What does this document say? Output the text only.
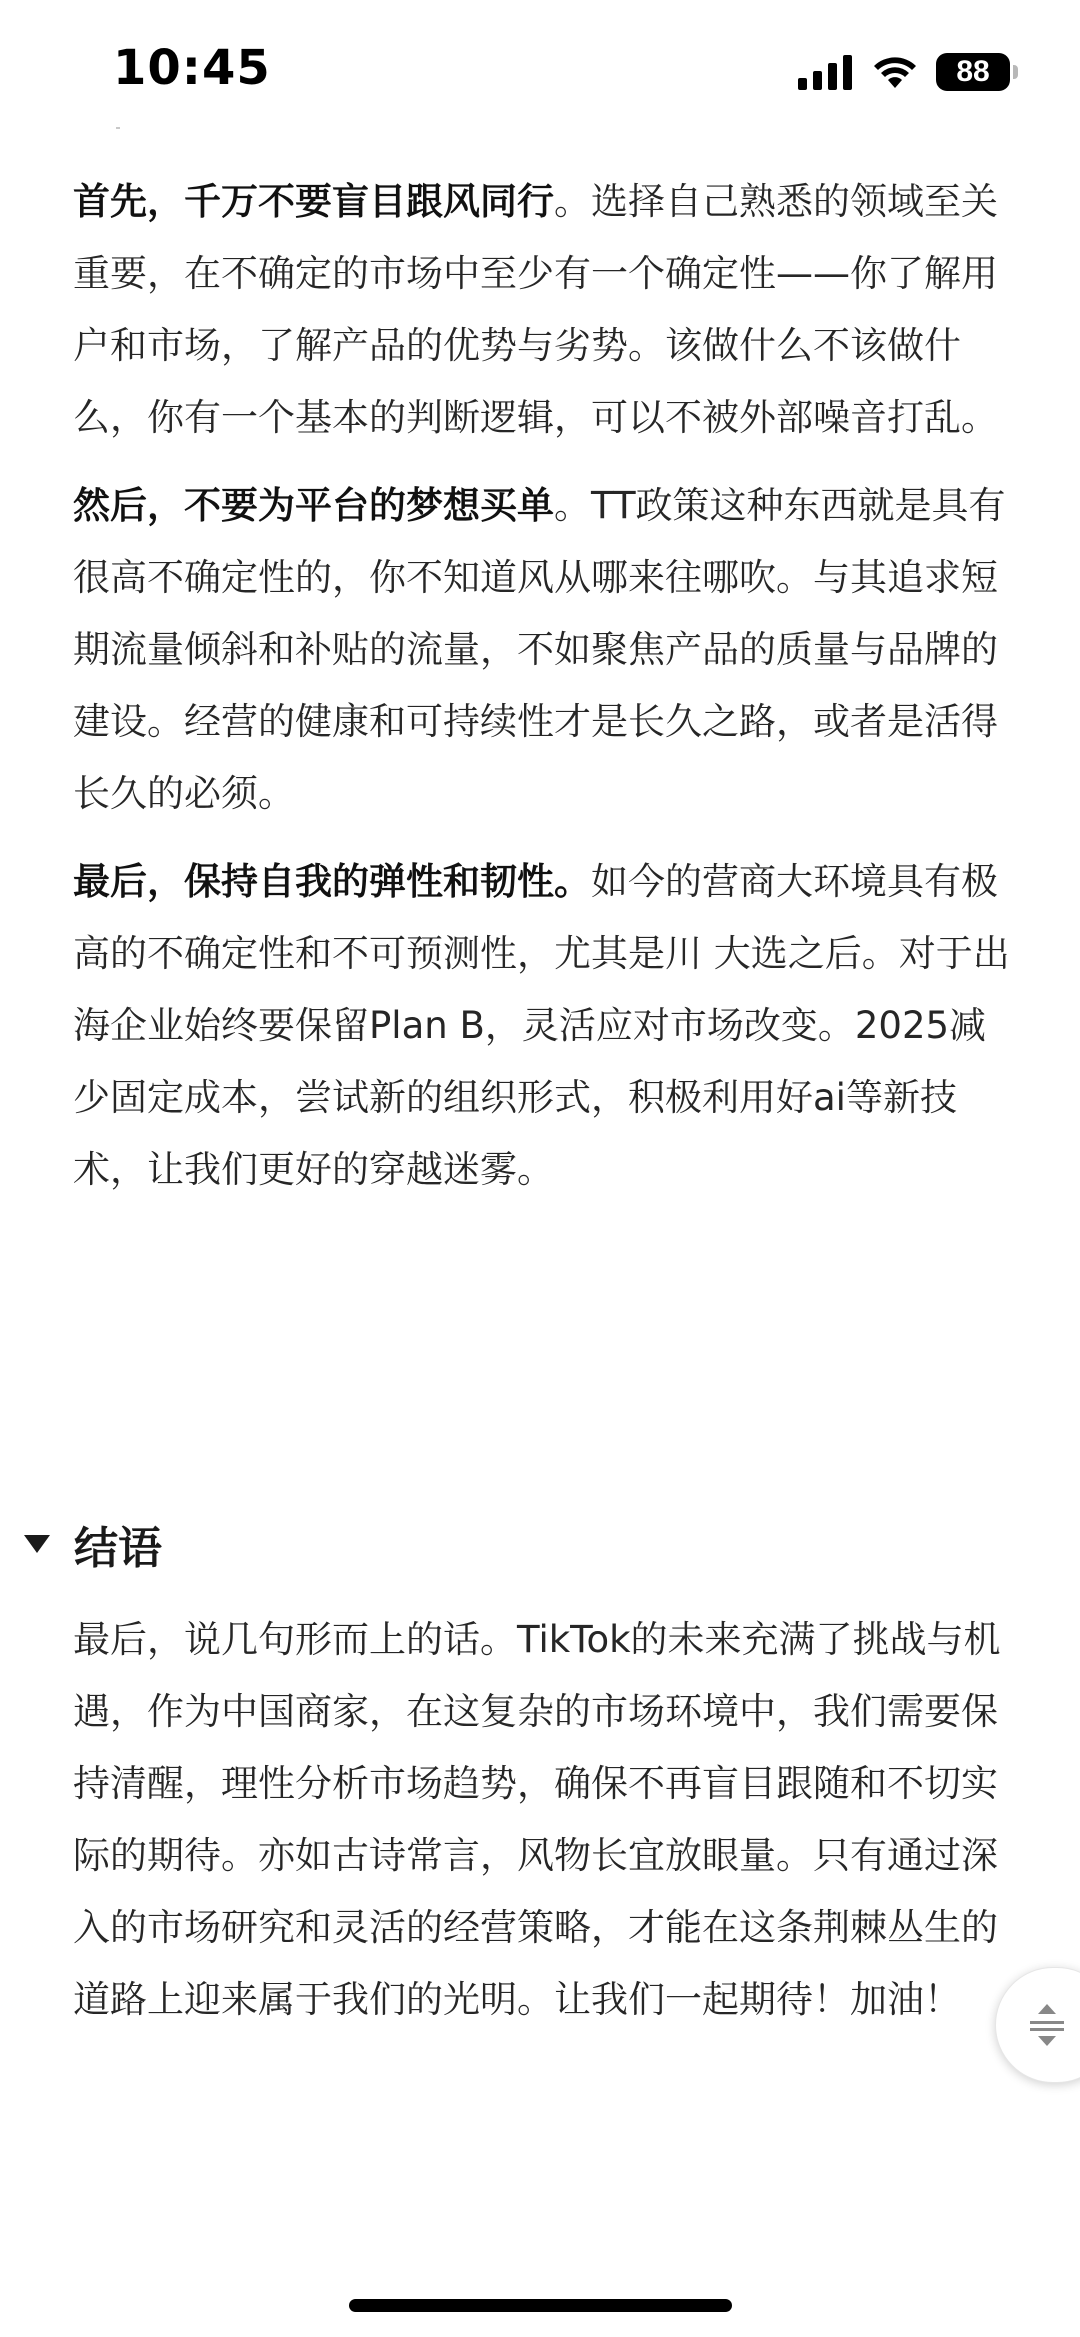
10:45	88

首先，千万不要盲目跟风同行。选择自己熟悉的领域至关重要，在不确定的市场中至少有一个确定性——你了解用户和市场，了解产品的优势与劣势。该做什么不该做什么，你有一个基本的判断逻辑，可以不被外部噪音打乱。

然后，不要为平台的梦想买单。TT政策这种东西就是具有很高不确定性的，你不知道风从哪来往哪吹。与其追求短期流量倾斜和补贴的流量，不如聚焦产品的质量与品牌的建设。经营的健康和可持续性才是长久之路，或者是活得长久的必须。

最后，保持自我的弹性和韧性。如今的营商大环境具有极高的不确定性和不可预测性，尤其是川 大选之后。对于出海企业始终要保留Plan B，灵活应对市场改变。2025减少固定成本，尝试新的组织形式，积极利用好ai等新技术，让我们更好的穿越迷雾。

结语

最后，说几句形而上的话。TikTok的未来充满了挑战与机遇，作为中国商家，在这复杂的市场环境中，我们需要保持清醒，理性分析市场趋势，确保不再盲目跟随和不切实际的期待。亦如古诗常言，风物长宜放眼量。只有通过深入的市场研究和灵活的经营策略，才能在这条荆棘丛生的道路上迎来属于我们的光明。让我们一起期待！加油！
